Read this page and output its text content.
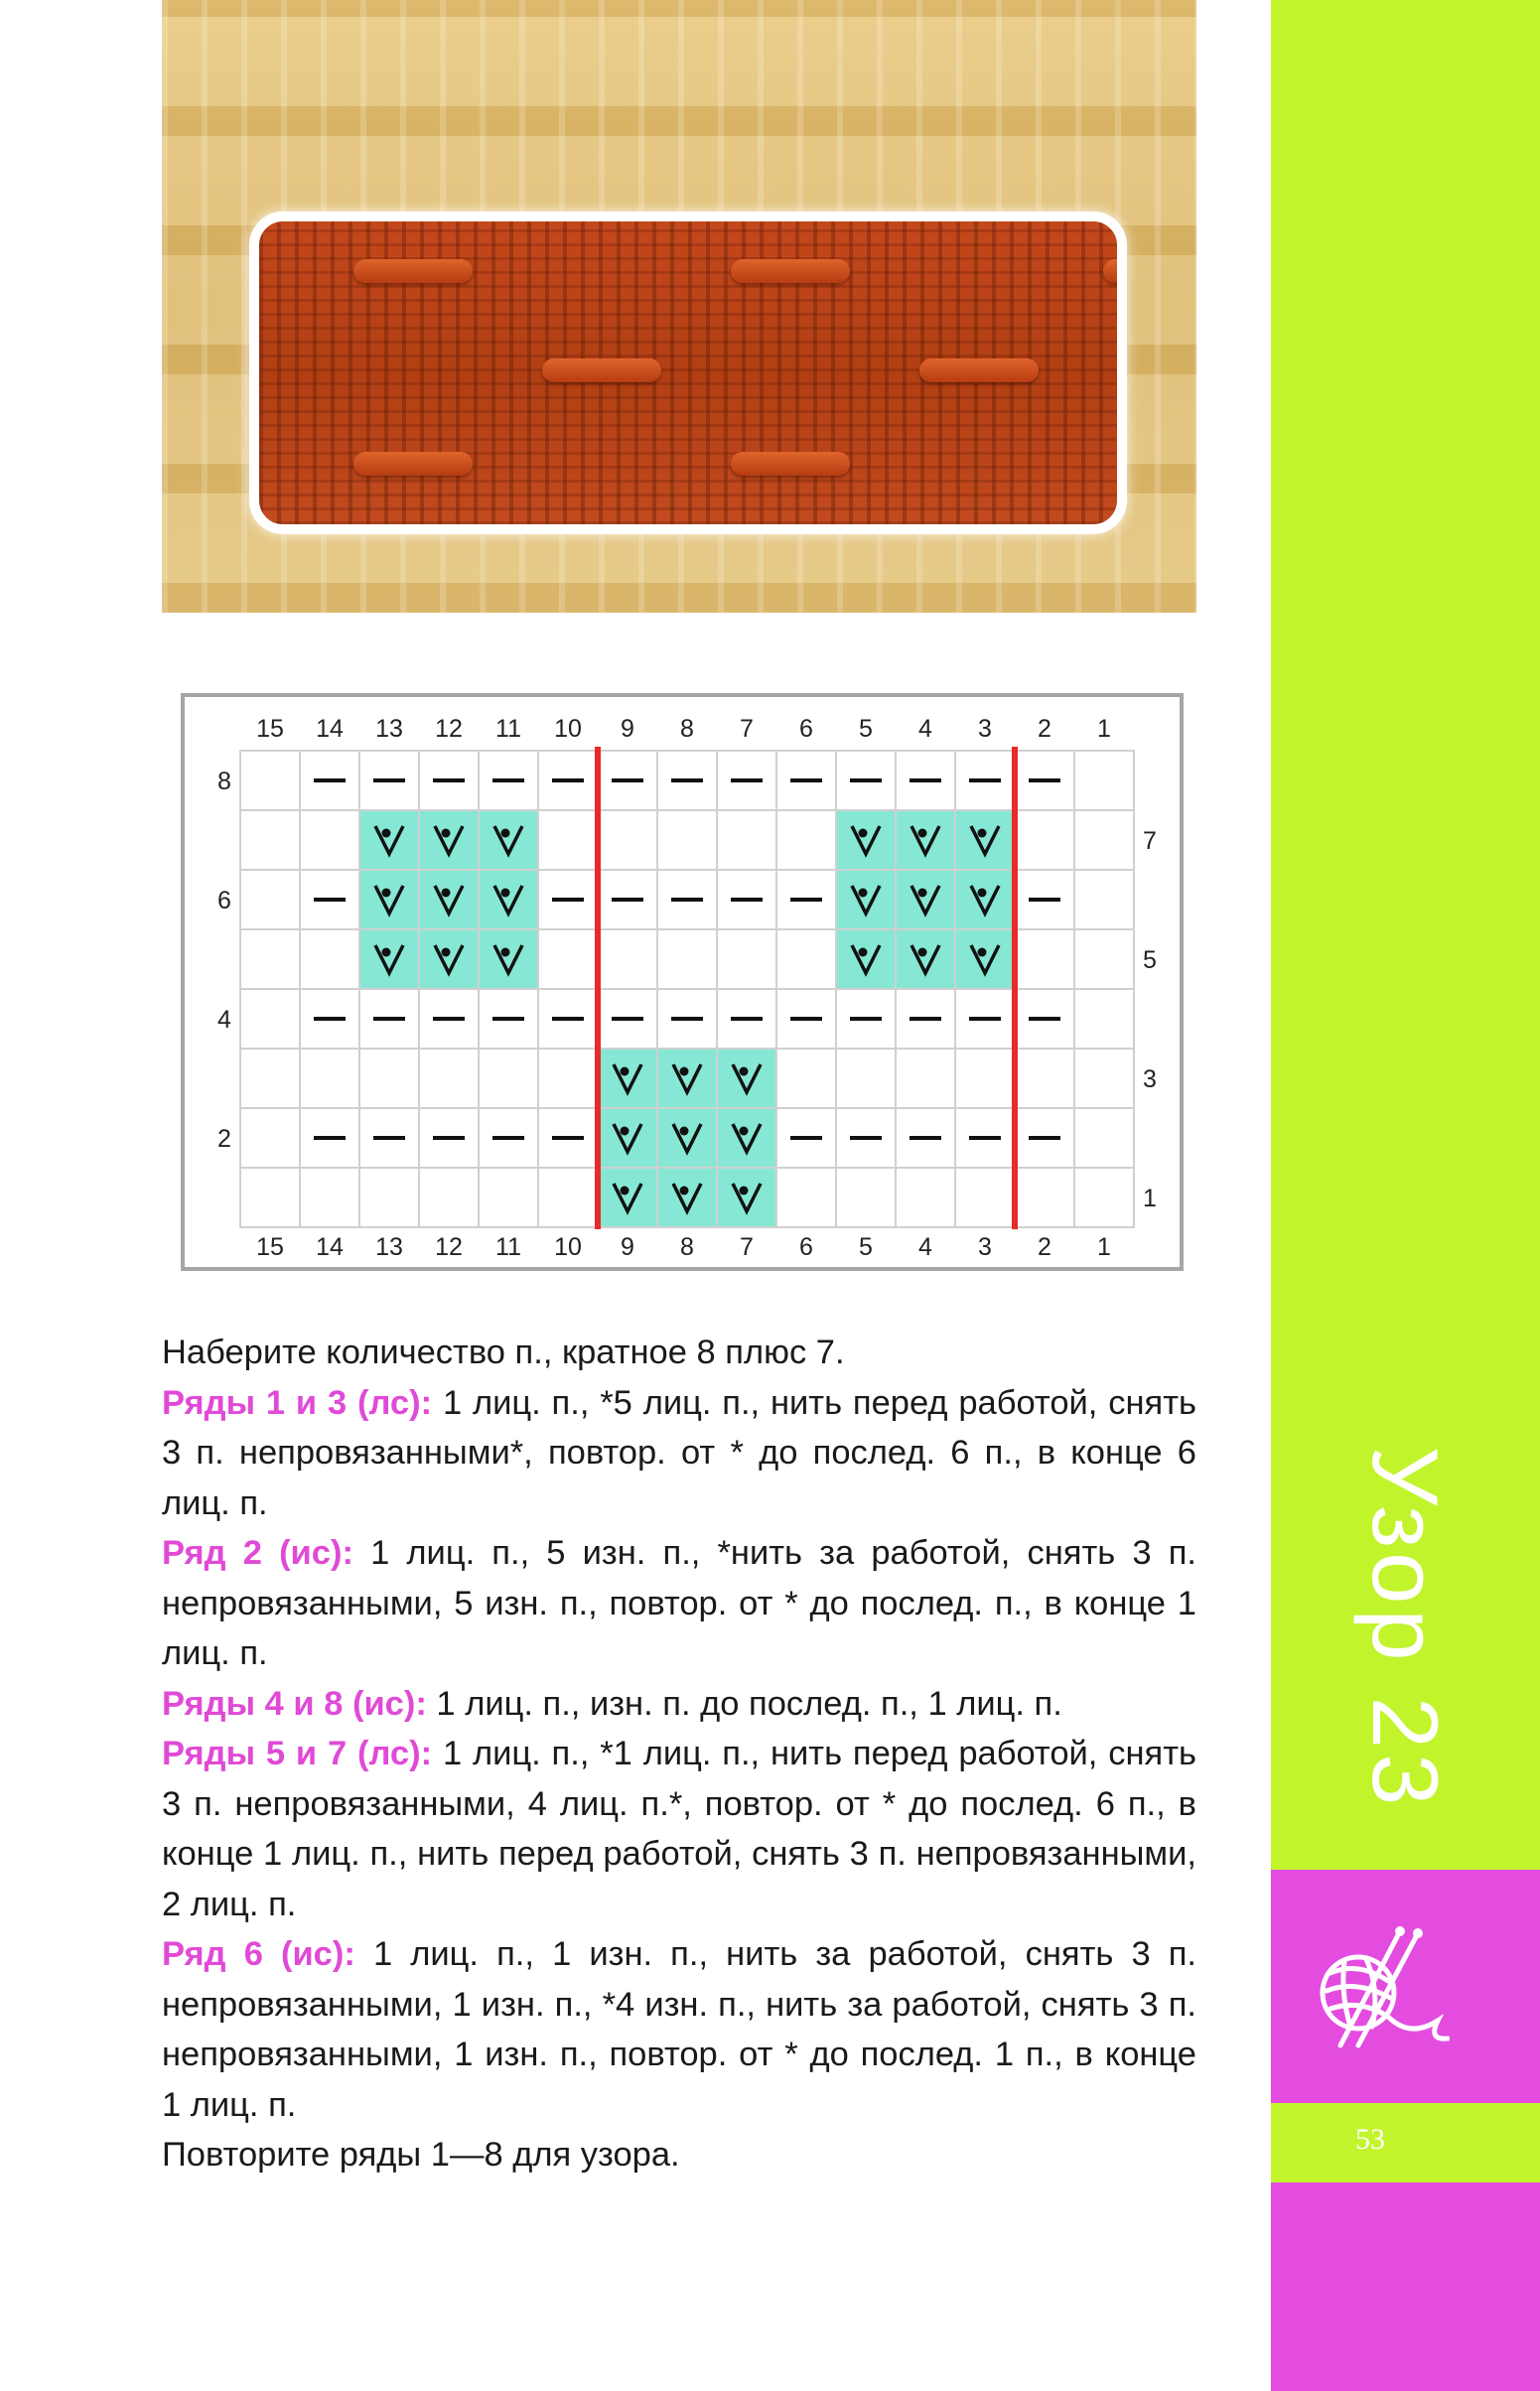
15 14 13 12 11 10 9 8 7 6 5 4 3 2 1
15 14 13 12 11 10 9 8 7 6 5 4 3 2 1
8
7
6
5
4
3
2
1

Наберите количество п., кратное 8 плюс 7.

Ряды 1 и 3 (лс): 1 лиц. п., *5 лиц. п., нить перед работой, снять 3 п. непровязанными*, повтор. от * до послед. 6 п., в конце 6 лиц. п.

Ряд 2 (ис): 1 лиц. п., 5 изн. п., *нить за работой, снять 3 п. непровязанными, 5 изн. п., повтор. от * до послед. п., в конце 1 лиц. п.

Ряды 4 и 8 (ис): 1 лиц. п., изн. п. до послед. п., 1 лиц. п.

Ряды 5 и 7 (лс): 1 лиц. п., *1 лиц. п., нить перед работой, снять 3 п. непровязанными, 4 лиц. п.*, повтор. от * до послед. 6 п., в конце 1 лиц. п., нить перед работой, снять 3 п. непровязанными, 2 лиц. п.

Ряд 6 (ис): 1 лиц. п., 1 изн. п., нить за работой, снять 3 п. непровязанными, 1 изн. п., *4 изн. п., нить за работой, снять 3 п. непровязанными, 1 изн. п., повтор. от * до послед. 1 п., в конце 1 лиц. п.

Повторите ряды 1—8 для узора.

Узор 23
53
